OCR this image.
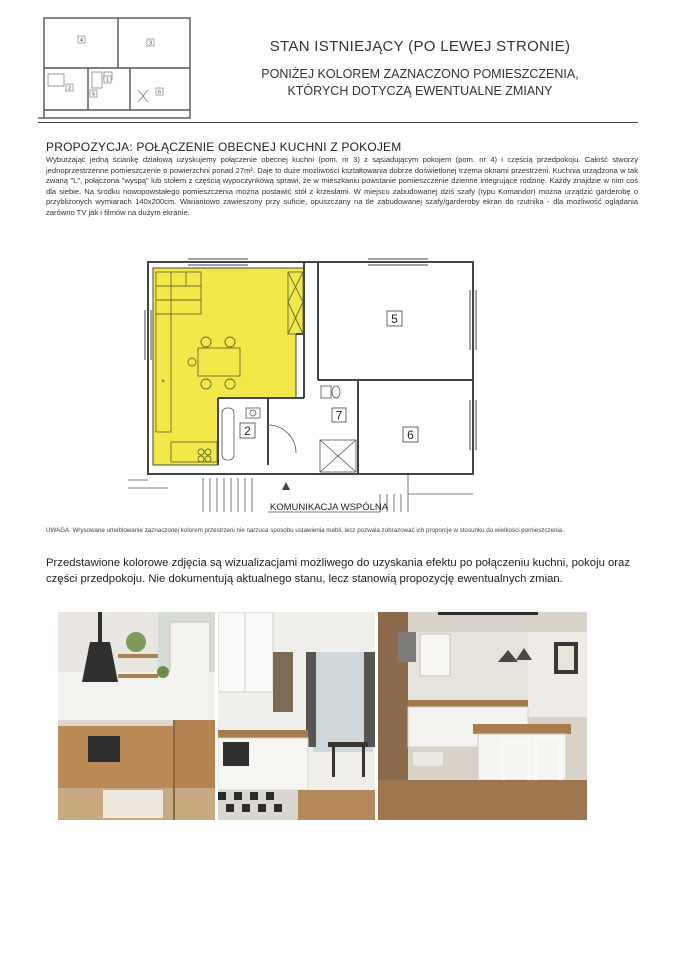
4	3
1
2
5	6
STAN ISTNIEJĄCY (PO LEWEJ STRONIE)
PONIŻEJ KOLOREM ZAZNACZONO POMIESZCZENIA,
KTÓRYCH DOTYCZĄ EWENTUALNE ZMIANY
PROPOZYCJA: POŁĄCZENIE OBECNEJ KUCHNI Z POKOJEM
Wyburzając jedną ściankę działową uzyskujemy połączenie obecnej kuchni (pom. nr 3) z sąsiadującym pokojem (pom. nr 4) i częścią przedpokoju. Całość stworzy jednoprzestrzenne pomieszczenie o powierzchni ponad 27m². Daje to duże możliwości kształtowania dobrze doświetlonej trzema oknami przestrzeni. Kuchnia urządzona w tak zwaną "L", połączona "wyspą" lub stołem z częścią wypoczynkową sprawi, że w mieszkaniu powstanie pomieszczenie dzienne integrujące rodzinę. Każdy znajdzie w nim coś dla siebie. Na środku nowopowstałego pomieszczenia można postawić stół z krzesłami. W miejscu zabudowanej dziś szafy (typu Komandor) można urządzić garderobę o przybliżonych wymiarach 140x200cm. Wariantowo zawieszony przy suficie, opuszczany na tle zabudowanej szafy/garderoby ekran do rzutnika - dla możliwość oglądania zarówno TV jak i filmów na dużym ekranie.
*
5
2
7
6
KOMUNIKACJA WSPÓLNA
UWAGA: Wrysowane umeblowanie zaznaczonej kolorem przestrzeni nie narzuca sposobu ustawienia mebli, lecz pozwala zobrazować ich proporcje w stosunku do wielkości pomieszczenia.
Przedstawione kolorowe zdjęcia są wizualizacjami możliwego do uzyskania efektu po połączeniu kuchni, pokoju oraz części przedpokoju. Nie dokumentują aktualnego stanu, lecz stanowią propozycję ewentualnych zmian.
